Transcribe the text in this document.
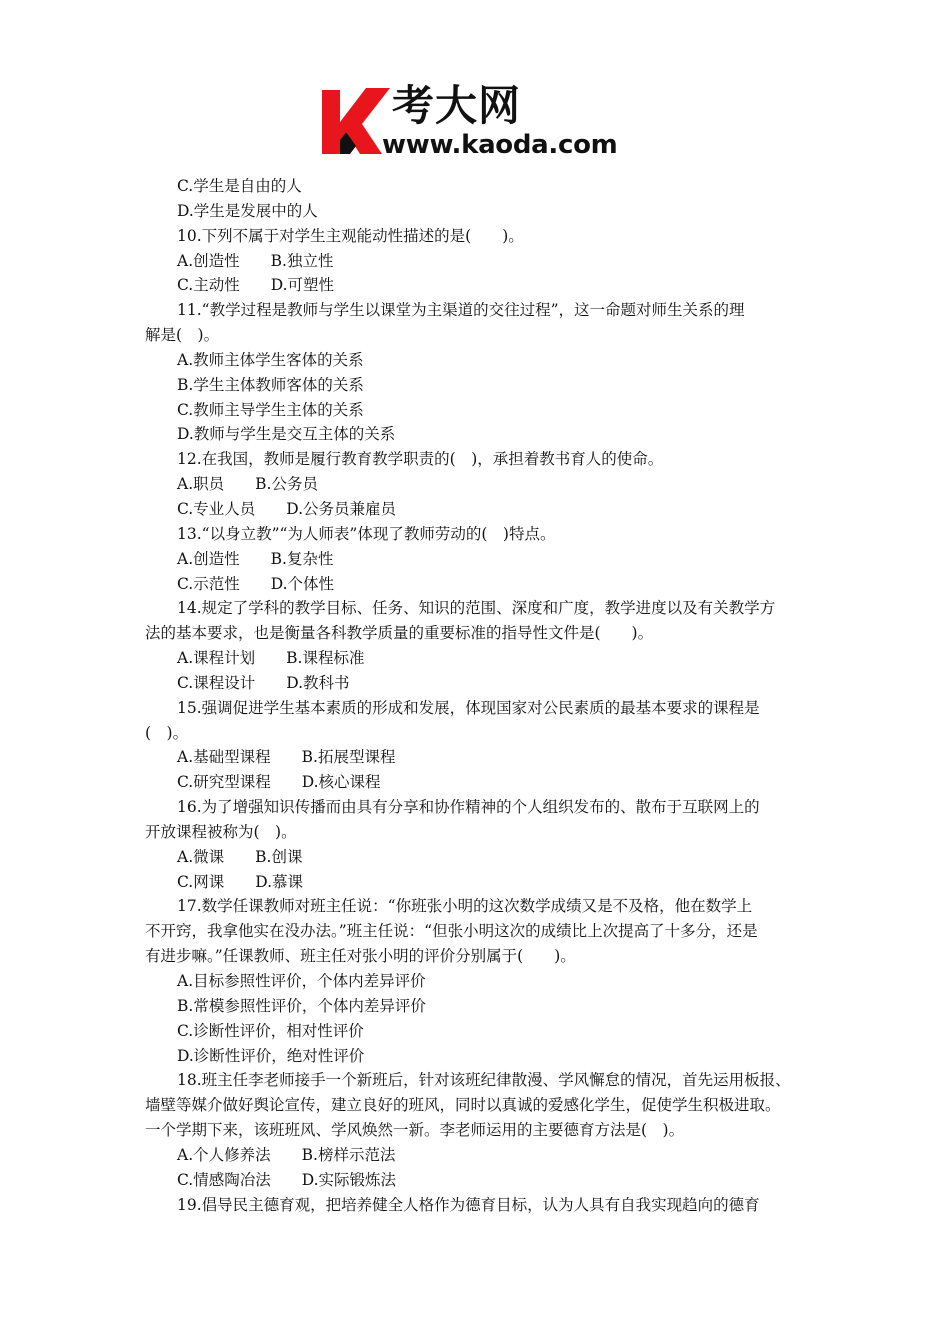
考大网
www.kaoda.com
C.学生是自由的人
D.学生是发展中的人
10.下列不属于对学生主观能动性描述的是(　　)。
A.创造性　　B.独立性
C.主动性　　D.可塑性
11.“教学过程是教师与学生以课堂为主渠道的交往过程”，这一命题对师生关系的理
解是(　)。
A.教师主体学生客体的关系
B.学生主体教师客体的关系
C.教师主导学生主体的关系
D.教师与学生是交互主体的关系
12.在我国，教师是履行教育教学职责的(　)，承担着教书育人的使命。
A.职员　　B.公务员
C.专业人员　　D.公务员兼雇员
13.“以身立教”“为人师表”体现了教师劳动的(　)特点。
A.创造性　　B.复杂性
C.示范性　　D.个体性
14.规定了学科的教学目标、任务、知识的范围、深度和广度，教学进度以及有关教学方
法的基本要求，也是衡量各科教学质量的重要标准的指导性文件是(　　)。
A.课程计划　　B.课程标准
C.课程设计　　D.教科书
15.强调促进学生基本素质的形成和发展，体现国家对公民素质的最基本要求的课程是
(　)。
A.基础型课程　　B.拓展型课程
C.研究型课程　　D.核心课程
16.为了增强知识传播而由具有分享和协作精神的个人组织发布的、散布于互联网上的
开放课程被称为(　)。
A.微课　　B.创课
C.网课　　D.慕课
17.数学任课教师对班主任说：“你班张小明的这次数学成绩又是不及格，他在数学上
不开窍，我拿他实在没办法。”班主任说：“但张小明这次的成绩比上次提高了十多分，还是
有进步嘛。”任课教师、班主任对张小明的评价分别属于(　　)。
A.目标参照性评价，个体内差异评价
B.常模参照性评价，个体内差异评价
C.诊断性评价，相对性评价
D.诊断性评价，绝对性评价
18.班主任李老师接手一个新班后，针对该班纪律散漫、学风懈怠的情况，首先运用板报、
墙壁等媒介做好舆论宣传，建立良好的班风，同时以真诚的爱感化学生，促使学生积极进取。
一个学期下来，该班班风、学风焕然一新。李老师运用的主要德育方法是(　)。
A.个人修养法　　B.榜样示范法
C.情感陶冶法　　D.实际锻炼法
19.倡导民主德育观，把培养健全人格作为德育目标，认为人具有自我实现趋向的德育
